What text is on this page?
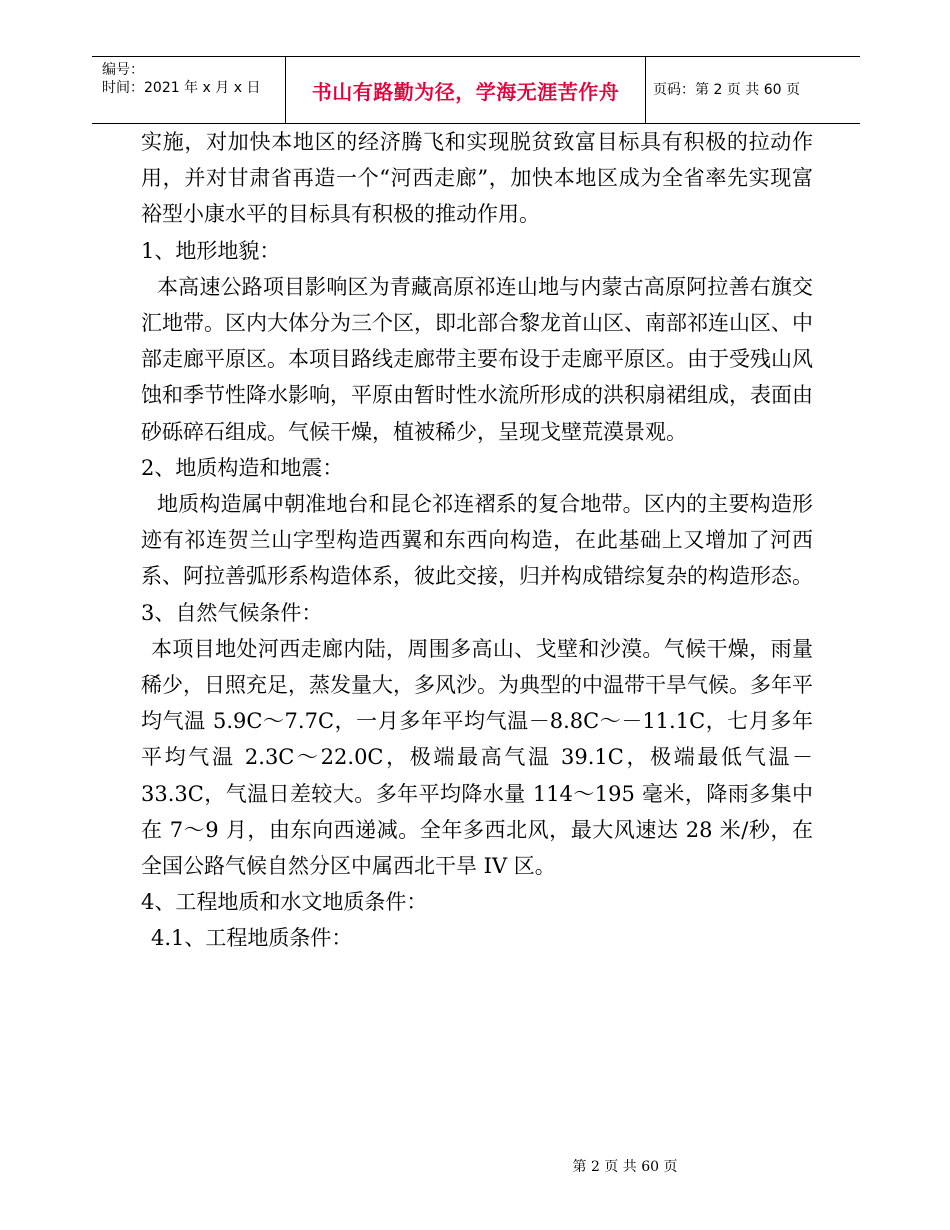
编号：
时间：2021 年 x 月 x 日	书山有路勤为径，学海无涯苦作舟 页码：第 2 页 共 60 页

实施，对加快本地区的经济腾飞和实现脱贫致富目标具有积极的拉动作用，并对甘肃省再造一个“河西走廊”，加快本地区成为全省率先实现富裕型小康水平的目标具有积极的推动作用。

1、地形地貌：

本高速公路项目影响区为青藏高原祁连山地与内蒙古高原阿拉善右旗交汇地带。区内大体分为三个区，即北部合黎龙首山区、南部祁连山区、中部走廊平原区。本项目路线走廊带主要布设于走廊平原区。由于受残山风蚀和季节性降水影响，平原由暂时性水流所形成的洪积扇裙组成，表面由砂砾碎石组成。气候干燥，植被稀少，呈现戈壁荒漠景观。

2、地质构造和地震：

地质构造属中朝准地台和昆仑祁连褶系的复合地带。区内的主要构造形迹有祁连贺兰山字型构造西翼和东西向构造，在此基础上又增加了河西系、阿拉善弧形系构造体系，彼此交接，归并构成错综复杂的构造形态。

3、自然气候条件：

本项目地处河西走廊内陆，周围多高山、戈壁和沙漠。气候干燥，雨量稀少，日照充足，蒸发量大，多风沙。为典型的中温带干旱气候。多年平均气温 5.9C～7.7C，一月多年平均气温－8.8C～－11.1C，七月多年平均气温 2.3C～22.0C，极端最高气温 39.1C，极端最低气温－33.3C，气温日差较大。多年平均降水量 114～195 毫米，降雨多集中在 7～9 月，由东向西递减。全年多西北风，最大风速达 28 米/秒，在全国公路气候自然分区中属西北干旱 IV 区。

4、工程地质和水文地质条件：

4.1、工程地质条件：

第 2 页 共 60 页
